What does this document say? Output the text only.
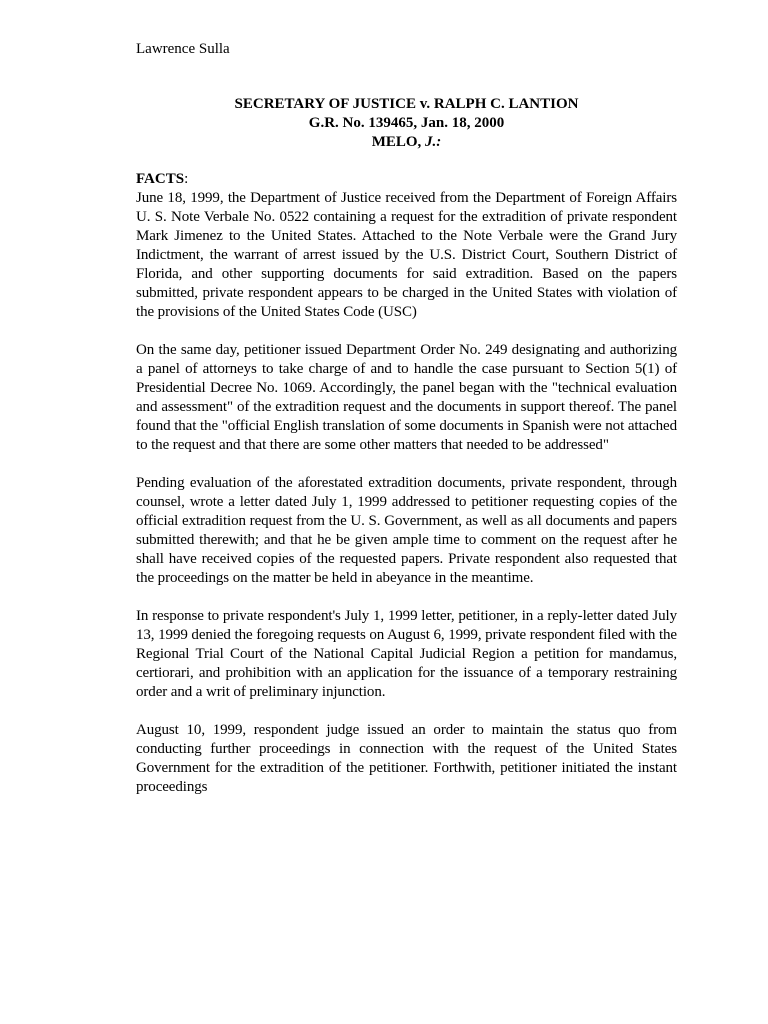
Lawrence Sulla
SECRETARY OF JUSTICE v. RALPH C. LANTION
G.R. No. 139465, Jan. 18, 2000
MELO, J.:
FACTS:

June 18, 1999, the Department of Justice received from the Department of Foreign Affairs U. S. Note Verbale No. 0522 containing a request for the extradition of private respondent Mark Jimenez to the United States. Attached to the Note Verbale were the Grand Jury Indictment, the warrant of arrest issued by the U.S. District Court, Southern District of Florida, and other supporting documents for said extradition. Based on the papers submitted, private respondent appears to be charged in the United States with violation of the provisions of the United States Code (USC)

On the same day, petitioner issued Department Order No. 249 designating and authorizing a panel of attorneys to take charge of and to handle the case pursuant to Section 5(1) of Presidential Decree No. 1069. Accordingly, the panel began with the "technical evaluation and assessment" of the extradition request and the documents in support thereof. The panel found that the "official English translation of some documents in Spanish were not attached to the request and that there are some other matters that needed to be addressed"

Pending evaluation of the aforestated extradition documents, private respondent, through counsel, wrote a letter dated July 1, 1999 addressed to petitioner requesting copies of the official extradition request from the U. S. Government, as well as all documents and papers submitted therewith; and that he be given ample time to comment on the request after he shall have received copies of the requested papers. Private respondent also requested that the proceedings on the matter be held in abeyance in the meantime.

In response to private respondent's July 1, 1999 letter, petitioner, in a reply-letter dated July 13, 1999 denied the foregoing requests on August 6, 1999, private respondent filed with the Regional Trial Court of the National Capital Judicial Region a petition for mandamus, certiorari, and prohibition with an application for the issuance of a temporary restraining order and a writ of preliminary injunction.

August 10, 1999, respondent judge issued an order to maintain the status quo from conducting further proceedings in connection with the request of the United States Government for the extradition of the petitioner. Forthwith, petitioner initiated the instant proceedings
